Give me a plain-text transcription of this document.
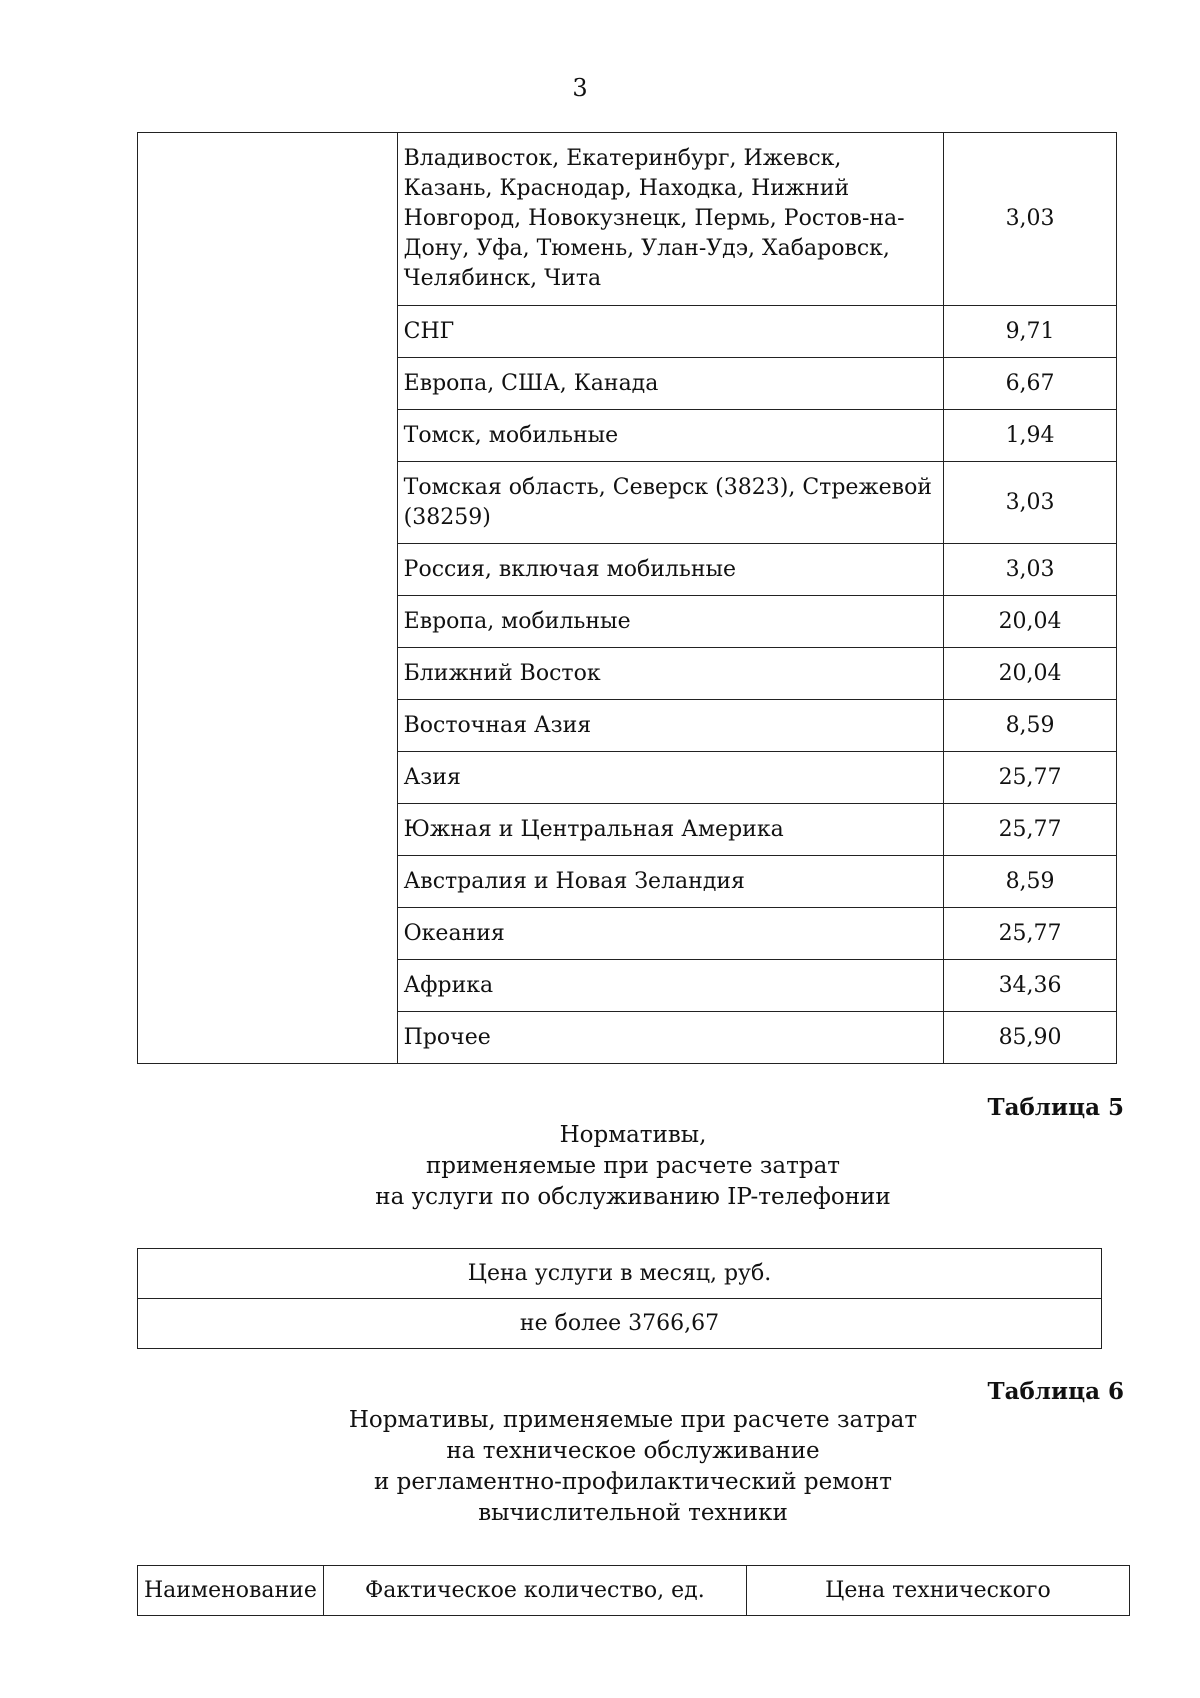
3
	Владивосток, Екатеринбург, Ижевск, Казань, Краснодар, Находка, Нижний Новгород, Новокузнецк, Пермь, Ростов-на-Дону, Уфа, Тюмень, Улан-Удэ, Хабаровск, Челябинск, Чита	3,03
	СНГ	9,71
	Европа, США, Канада	6,67
	Томск, мобильные	1,94
	Томская область, Северск (3823), Стрежевой (38259)	3,03
	Россия, включая мобильные	3,03
	Европа, мобильные	20,04
	Ближний Восток	20,04
	Восточная Азия	8,59
	Азия	25,77
	Южная и Центральная Америка	25,77
	Австралия и Новая Зеландия	8,59
	Океания	25,77
	Африка	34,36
	Прочее	85,90
Таблица 5
Нормативы,
применяемые при расчете затрат
на услуги по обслуживанию IP-телефонии
Цена услуги в месяц, руб.
не более 3766,67
Таблица 6
Нормативы, применяемые при расчете затрат
на техническое обслуживание
и регламентно-профилактический ремонт
вычислительной техники
Наименование	Фактическое количество, ед.	Цена технического
